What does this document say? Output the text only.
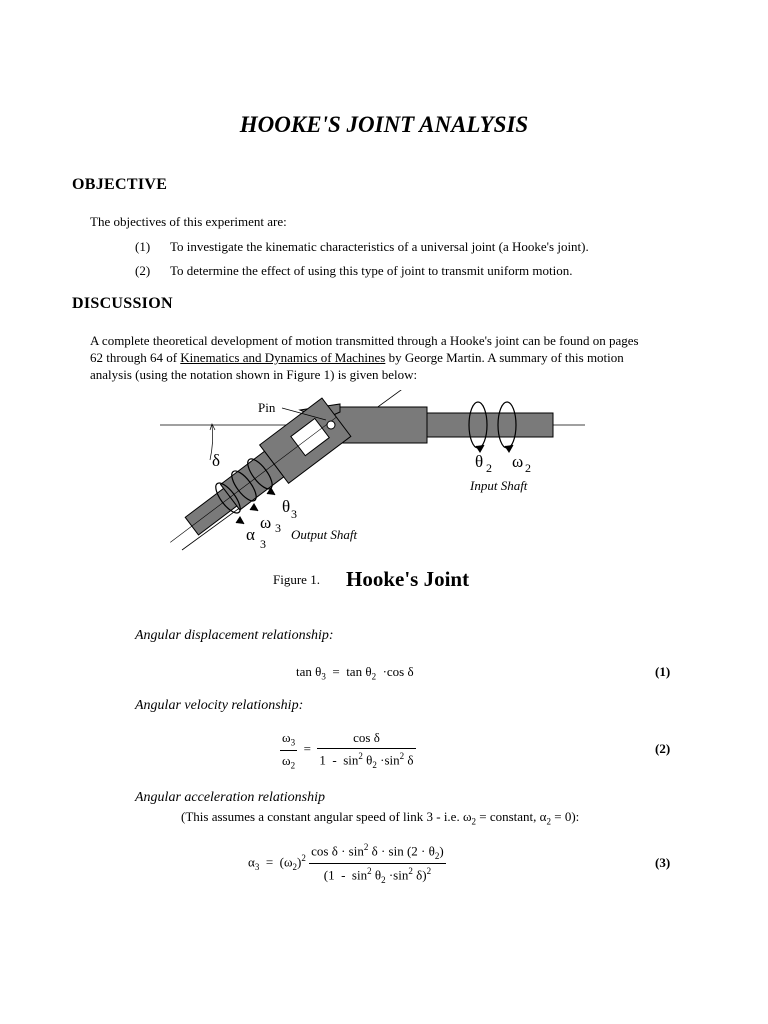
HOOKE'S JOINT ANALYSIS
OBJECTIVE
The objectives of this experiment are:
(1) To investigate the kinematic characteristics of a universal joint (a Hooke's joint).
(2) To determine the effect of using this type of joint to transmit uniform motion.
DISCUSSION
A complete theoretical development of motion transmitted through a Hooke's joint can be found on pages
62 through 64 of Kinematics and Dynamics of Machines by George Martin. A summary of this motion
analysis (using the notation shown in Figure 1) is given below:
Pin
δ	θ 2 ω 2
Input Shaft
θ 3
ω 3
α 3
Output Shaft
Figure 1. Hooke's Joint
Angular displacement relationship:
$\tan \theta_3 = \tan \theta_2 \cdot\cos$ δ	(1)
Angular velocity relationship:
$\frac{\omega_3}{\omega_2} = \frac{\text{cos δ}}{1 - \sin^2 \theta_2 \cdot\sin^2 \delta}$	(2)
Angular acceleration relationship
(This assumes a constant angular speed of link 3 - i.e. $\omega_2$ = constant, $\alpha_2 = 0$):
$\alpha_3 = (\omega_2)^2 \frac{\cos \delta \cdot \sin^2 \delta \cdot \sin (2 \cdot \theta_2)}{(1 - \sin^2 \theta_2 \cdot\sin^2 \delta)^2}$	(3)
